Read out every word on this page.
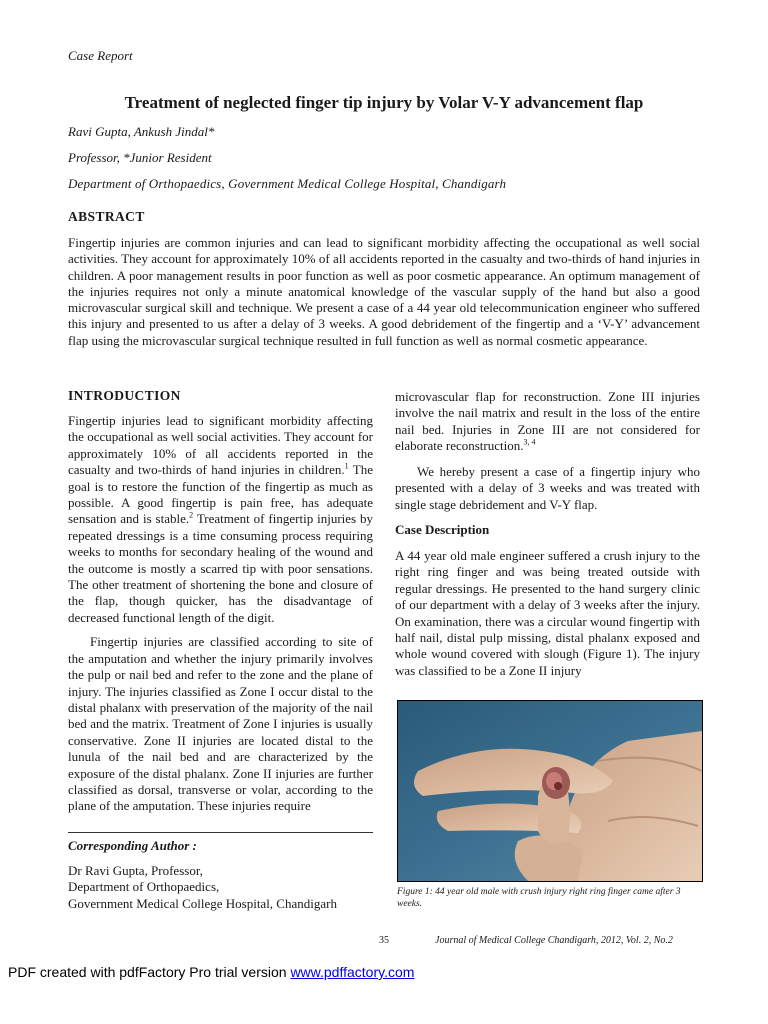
Case Report
Treatment of neglected finger tip injury by Volar V-Y advancement flap
Ravi Gupta, Ankush Jindal*
Professor, *Junior Resident
Department of Orthopaedics, Government Medical College Hospital, Chandigarh
ABSTRACT
Fingertip injuries are common injuries and can lead to significant morbidity affecting the occupational as well social activities. They account for approximately 10% of all accidents reported in the casualty and two-thirds of hand injuries in children. A poor management results in poor function as well as poor cosmetic appearance. An optimum management of the injuries requires not only a minute anatomical knowledge of the vascular supply of the hand but also a good microvascular surgical skill and technique. We present a case of a 44 year old telecommunication engineer who suffered this injury and presented to us after a delay of 3 weeks. A good debridement of the fingertip and a ‘V-Y’ advancement flap using the microvascular surgical technique resulted in full function as well as normal cosmetic appearance.
INTRODUCTION

Fingertip injuries lead to significant morbidity affecting the occupational as well social activities. They account for approximately 10% of all accidents reported in the casualty and two-thirds of hand injuries in children.$^1$ The goal is to restore the function of the fingertip as much as possible. A good fingertip is pain free, has adequate sensation and is stable.$^2$ Treatment of fingertip injuries by repeated dressings is a time consuming process requiring weeks to months for secondary healing of the wound and the outcome is mostly a scarred tip with poor sensations. The other treatment of shortening the bone and closure of the flap, though quicker, has the disadvantage of decreased functional length of the digit.

Fingertip injuries are classified according to site of the amputation and whether the injury primarily involves the pulp or nail bed and refer to the zone and the plane of injury. The injuries classified as Zone I occur distal to the distal phalanx with preservation of the majority of the nail bed and the matrix. Treatment of Zone I injuries is usually conservative. Zone II injuries are located distal to the lunula of the nail bed and are characterized by the exposure of the distal phalanx. Zone II injuries are further classified as dorsal, transverse or volar, according to the plane of the amputation. These injuries require

Corresponding Author :
Dr Ravi Gupta, Professor,
Department of Orthopaedics,
Government Medical College Hospital, Chandigarh
microvascular flap for reconstruction. Zone III injuries involve the nail matrix and result in the loss of the entire nail bed. Injuries in Zone III are not considered for elaborate reconstruction.$^{3, 4}$

We hereby present a case of a fingertip injury who presented with a delay of 3 weeks and was treated with single stage debridement and V-Y flap.

Case Description
A 44 year old male engineer suffered a crush injury to the right ring finger and was being treated outside with regular dressings. He presented to the hand surgery clinic of our department with a delay of 3 weeks after the injury. On examination, there was a circular wound fingertip with half nail, distal pulp missing, distal phalanx exposed and whole wound covered with slough (Figure 1). The injury was classified to be a Zone II injury
Figure 1: 44 year old male with crush injury right ring finger came after 3 weeks.
35	Journal of Medical College Chandigarh, 2012, Vol. 2, No.2
PDF created with pdfFactory Pro trial version www.pdffactory.com
